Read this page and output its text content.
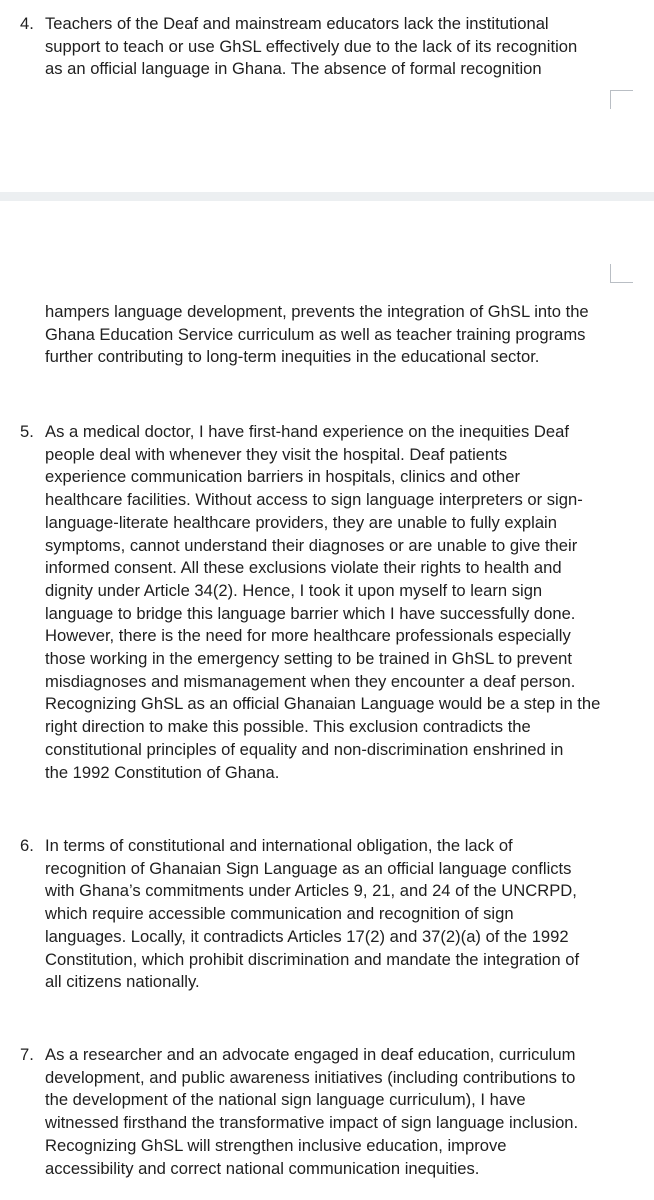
4. Teachers of the Deaf and mainstream educators lack the institutional
support to teach or use GhSL effectively due to the lack of its recognition
as an official language in Ghana. The absence of formal recognition
hampers language development, prevents the integration of GhSL into the
Ghana Education Service curriculum as well as teacher training programs
further contributing to long-term inequities in the educational sector.
5. As a medical doctor, I have first-hand experience on the inequities Deaf
people deal with whenever they visit the hospital. Deaf patients
experience communication barriers in hospitals, clinics and other
healthcare facilities. Without access to sign language interpreters or sign-
language-literate healthcare providers, they are unable to fully explain
symptoms, cannot understand their diagnoses or are unable to give their
informed consent. All these exclusions violate their rights to health and
dignity under Article 34(2). Hence, I took it upon myself to learn sign
language to bridge this language barrier which I have successfully done.
However, there is the need for more healthcare professionals especially
those working in the emergency setting to be trained in GhSL to prevent
misdiagnoses and mismanagement when they encounter a deaf person.
Recognizing GhSL as an official Ghanaian Language would be a step in the
right direction to make this possible. This exclusion contradicts the
constitutional principles of equality and non-discrimination enshrined in
the 1992 Constitution of Ghana.
6. In terms of constitutional and international obligation, the lack of
recognition of Ghanaian Sign Language as an official language conflicts
with Ghana’s commitments under Articles 9, 21, and 24 of the UNCRPD,
which require accessible communication and recognition of sign
languages. Locally, it contradicts Articles 17(2) and 37(2)(a) of the 1992
Constitution, which prohibit discrimination and mandate the integration of
all citizens nationally.
7. As a researcher and an advocate engaged in deaf education, curriculum
development, and public awareness initiatives (including contributions to
the development of the national sign language curriculum), I have
witnessed firsthand the transformative impact of sign language inclusion.
Recognizing GhSL will strengthen inclusive education, improve
accessibility and correct national communication inequities.
